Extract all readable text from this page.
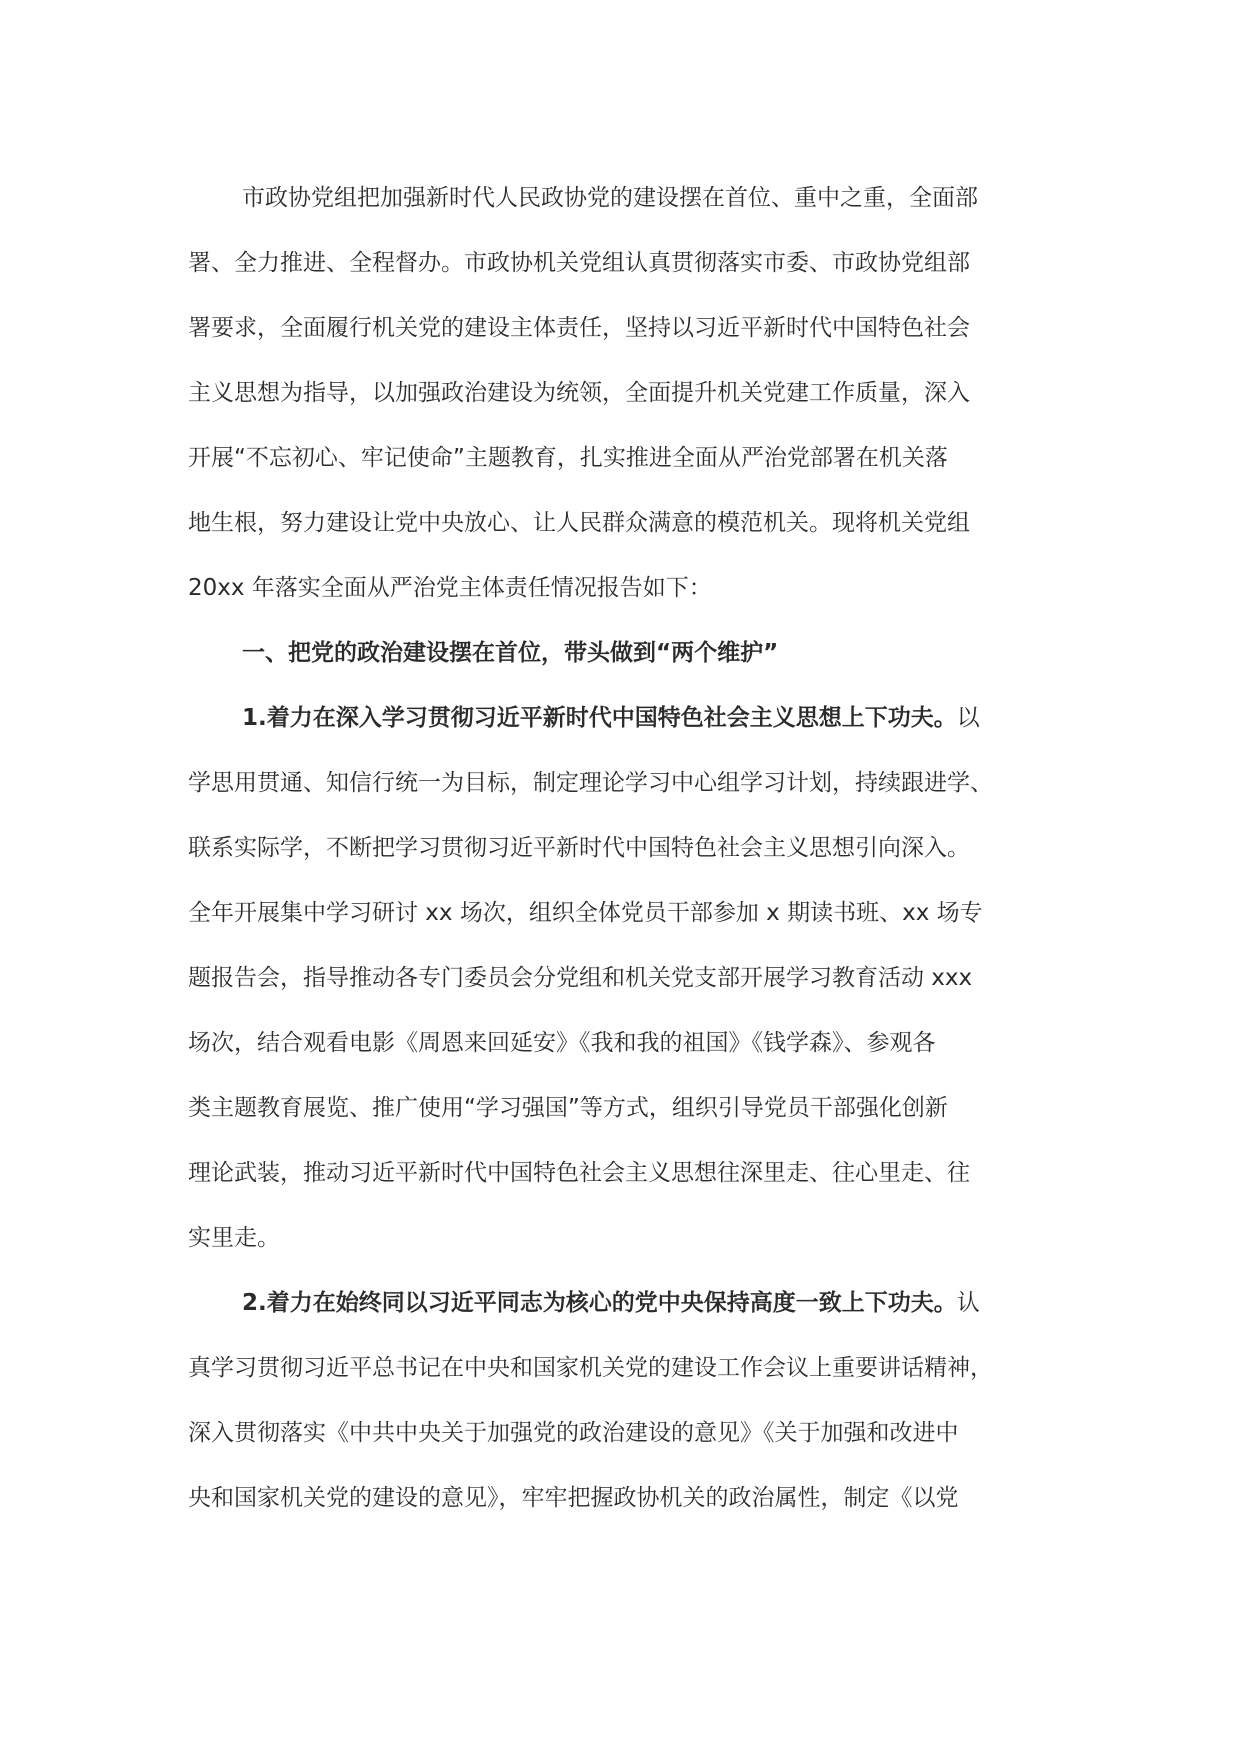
市政协党组把加强新时代人民政协党的建设摆在首位、重中之重，全面部
署、全力推进、全程督办。市政协机关党组认真贯彻落实市委、市政协党组部
署要求，全面履行机关党的建设主体责任，坚持以习近平新时代中国特色社会
主义思想为指导，以加强政治建设为统领，全面提升机关党建工作质量，深入
开展“不忘初心、牢记使命”主题教育，扎实推进全面从严治党部署在机关落
地生根，努力建设让党中央放心、让人民群众满意的模范机关。现将机关党组
20xx 年落实全面从严治党主体责任情况报告如下：
一、把党的政治建设摆在首位，带头做到“两个维护”
1.着力在深入学习贯彻习近平新时代中国特色社会主义思想上下功夫。以
学思用贯通、知信行统一为目标，制定理论学习中心组学习计划，持续跟进学、
联系实际学，不断把学习贯彻习近平新时代中国特色社会主义思想引向深入。
全年开展集中学习研讨 xx 场次，组织全体党员干部参加 x 期读书班、xx 场专
题报告会，指导推动各专门委员会分党组和机关党支部开展学习教育活动 xxx
场次，结合观看电影《周恩来回延安》《我和我的祖国》《钱学森》、参观各
类主题教育展览、推广使用“学习强国”等方式，组织引导党员干部强化创新
理论武装，推动习近平新时代中国特色社会主义思想往深里走、往心里走、往
实里走。
2.着力在始终同以习近平同志为核心的党中央保持高度一致上下功夫。认
真学习贯彻习近平总书记在中央和国家机关党的建设工作会议上重要讲话精神，
深入贯彻落实《中共中央关于加强党的政治建设的意见》《关于加强和改进中
央和国家机关党的建设的意见》，牢牢把握政协机关的政治属性，制定《以党
